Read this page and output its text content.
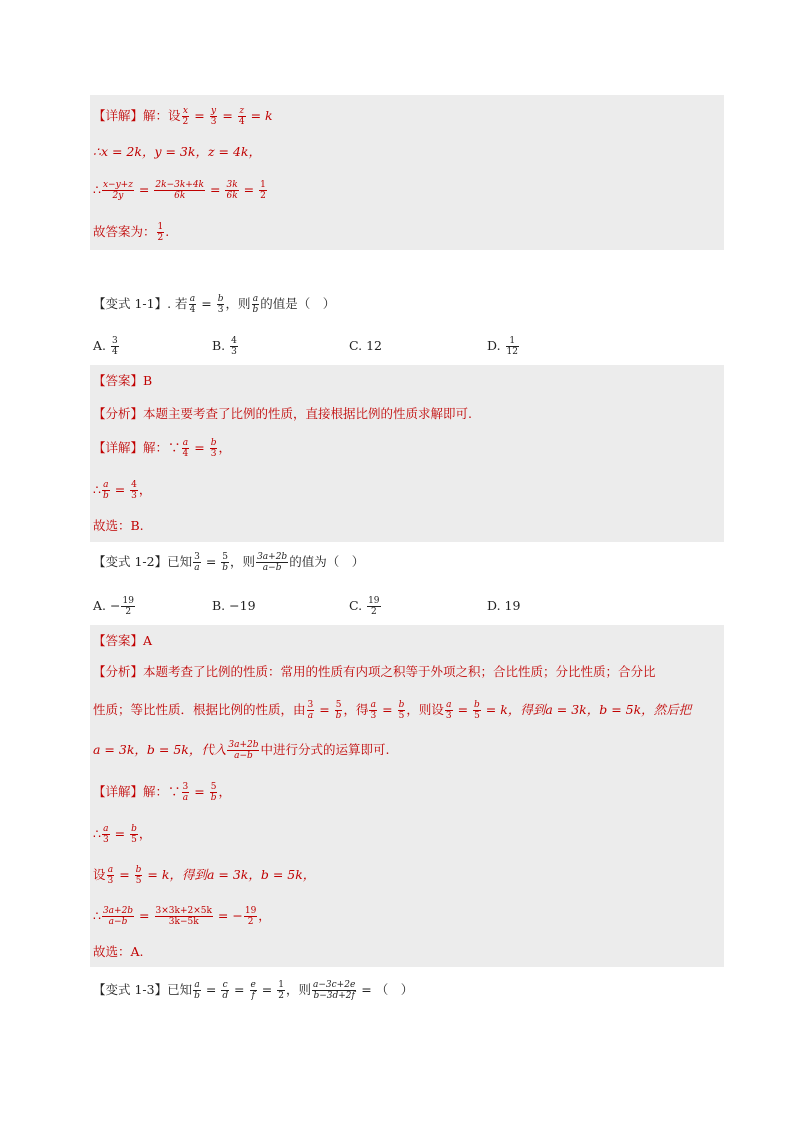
【详解】解：设 $\frac{x}{2} = \frac{y}{3} = \frac{z}{4} = k$
∴x = 2k，y = 3k，z = 4k，
∴ $\frac{x-y+z}{2y} = \frac{2k-3k+4k}{6k} = \frac{3k}{6k} = \frac{1}{2}$
故答案为： $\frac{1}{2}$ .
【变式 1-1】. 若 $\frac{a}{4} = \frac{b}{3}$ ，则 $\frac{a}{b}$ 的值是（　）
A. $\frac{3}{4}$	B. $\frac{4}{3}$	C. 12	D. $\frac{1}{12}$
【答案】B
【分析】本题主要考查了比例的性质，直接根据比例的性质求解即可.
【详解】解：∵ $\frac{a}{4} = \frac{b}{3}$ ，
∴ $\frac{a}{b} = \frac{4}{3}$ ，
故选：B.
【变式 1-2】已知 $\frac{3}{a} = \frac{5}{b}$ ，则 $\frac{3a+2b}{a-b}$ 的值为（　）
A. − $\frac{19}{2}$	B. −19	C. $\frac{19}{2}$	D. 19
【答案】A
【分析】本题考查了比例的性质：常用的性质有内项之积等于外项之积；合比性质；分比性质；合分比
性质；等比性质．根据比例的性质，由 $\frac{3}{a} = \frac{5}{b}$ ，得 $\frac{a}{3} = \frac{b}{5}$ ，则设 $\frac{a}{3} = \frac{b}{5} = k$，得到a = 3k，b = 5k，然后把
a = 3k，b = 5k，代入 $\frac{3a+2b}{a-b}$ 中进行分式的运算即可.
【详解】解：∵ $\frac{3}{a} = \frac{5}{b}$ ，
∴ $\frac{a}{3} = \frac{b}{5}$ ，
设 $\frac{a}{3} = \frac{b}{5} = k$，得到a = 3k，b = 5k，
∴ $\frac{3a+2b}{a-b} = \frac{3\times 3k+2\times 5k}{3k-5k}$ = − $\frac{19}{2}$ ，
故选：A.
【变式 1-3】已知 $\frac{a}{b} = \frac{c}{d} = \frac{e}{f} = \frac{1}{2}$ ，则 $\frac{a-3c+2e}{b-3d+2f}$ = （　）
